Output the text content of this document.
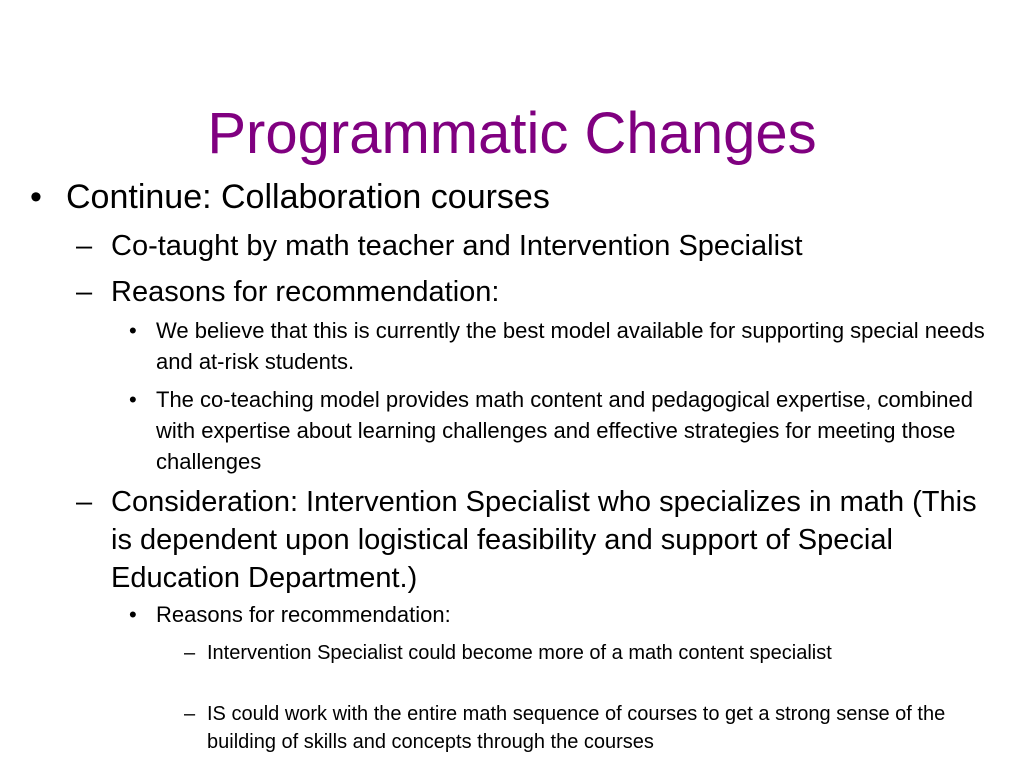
Programmatic Changes
• Continue: Collaboration courses
– Co-taught by math teacher and Intervention Specialist
– Reasons for recommendation:
• We believe that this is currently the best model available for supporting special needs and at-risk students.
• The co-teaching model provides math content and pedagogical expertise, combined with expertise about learning challenges and effective strategies for meeting those challenges
– Consideration: Intervention Specialist who specializes in math (This is dependent upon logistical feasibility and support of Special Education Department.)
• Reasons for recommendation:
– Intervention Specialist could become more of a math content specialist
– IS could work with the entire math sequence of courses to get a strong sense of the building of skills and concepts through the courses
